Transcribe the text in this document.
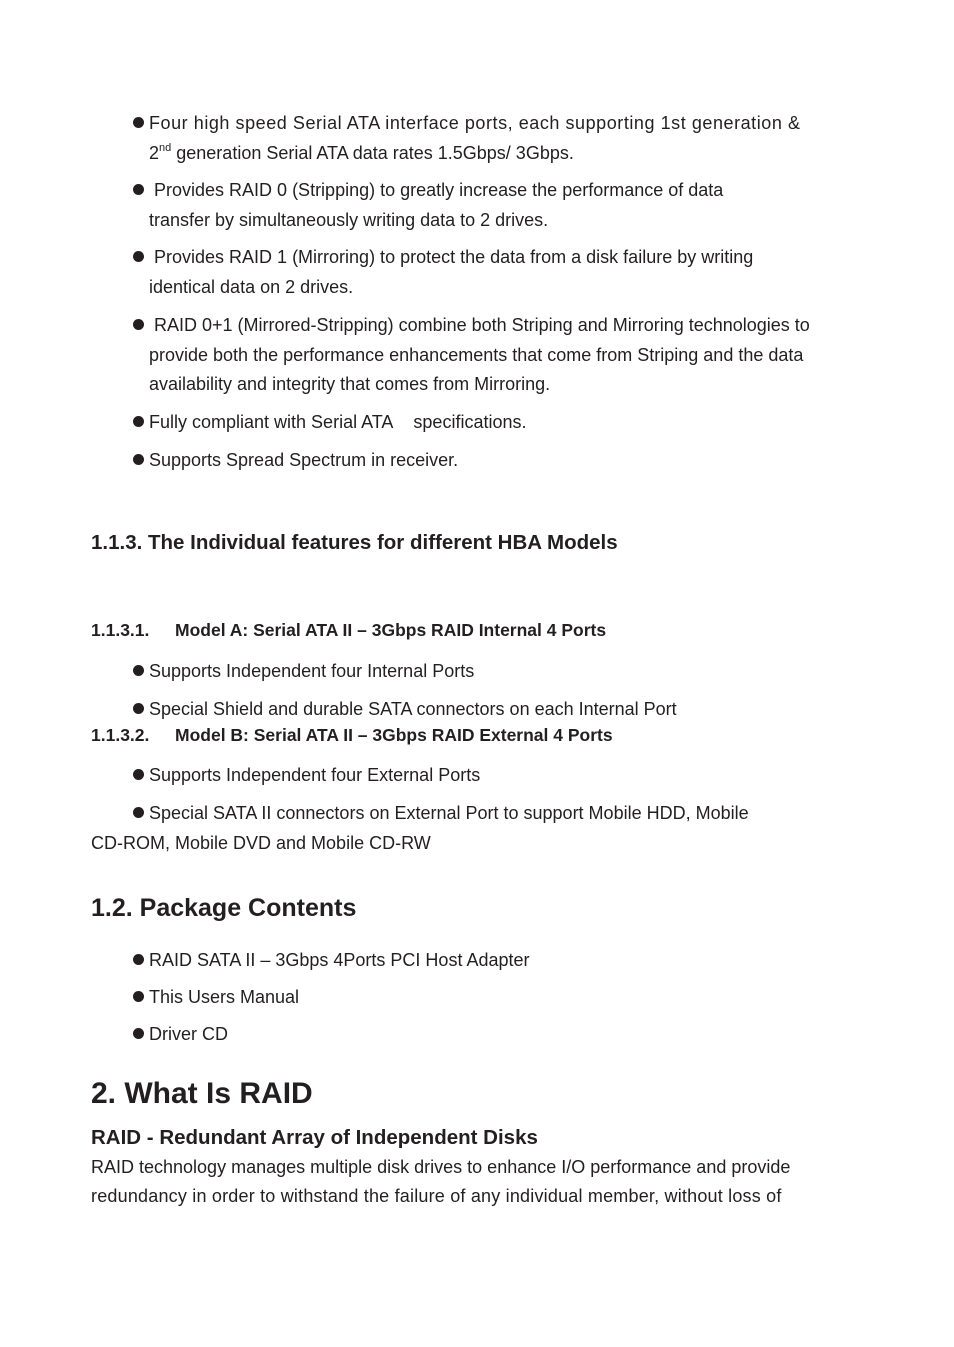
Four high speed Serial ATA interface ports, each supporting 1st generation &
2nd generation Serial ATA data rates 1.5Gbps/ 3Gbps.
Provides RAID 0 (Stripping) to greatly increase the performance of data
transfer by simultaneously writing data to 2 drives.
Provides RAID 1 (Mirroring) to protect the data from a disk failure by writing
identical data on 2 drives.
RAID 0+1 (Mirrored-Stripping) combine both Striping and Mirroring technologies to
provide both the performance enhancements that come from Striping and the data
availability and integrity that comes from Mirroring.
Fully compliant with Serial ATA    specifications.
Supports Spread Spectrum in receiver.
1.1.3. The Individual features for different HBA Models
1.1.3.1. Model A: Serial ATA II – 3Gbps RAID Internal 4 Ports
Supports Independent four Internal Ports
Special Shield and durable SATA connectors on each Internal Port
1.1.3.2. Model B: Serial ATA II – 3Gbps RAID External 4 Ports
Supports Independent four External Ports
Special SATA II connectors on External Port to support Mobile HDD, Mobile
CD-ROM, Mobile DVD and Mobile CD-RW
1.2. Package Contents
RAID SATA II – 3Gbps 4Ports PCI Host Adapter
This Users Manual
Driver CD
2. What Is RAID
RAID - Redundant Array of Independent Disks
RAID technology manages multiple disk drives to enhance I/O performance and provide
redundancy in order to withstand the failure of any individual member, without loss of
